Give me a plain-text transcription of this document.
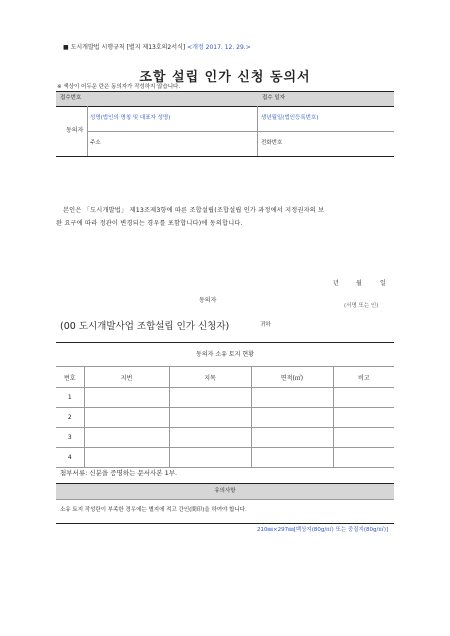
■ 도시개발법 시행규칙 [별지 제13호의2서식] <개정 2017. 12. 29.>
조합 설립 인가 신청 동의서
※ 색상이 어두운 란은 동의자가 작성하지 않습니다.
접수번호	접수 일자
동의자
성명(법인의 명칭 및 대표자 성명)	생년월일(법인등록번호)
주소	전화번호
본인은 「도시개발법」 제13조제3항에 따른 조합설립(조합설립 인가 과정에서 지정권자의 보
완 요구에 따라 정관이 변경되는 경우를 포함합니다)에 동의합니다.
년	월	일
동의자
(서명 또는 인)
(00 도시개발사업 조합설립 인가 신청자)	귀하
동의자 소유 토지 현황
번호	지번	지목	면적(㎡)	비고
1				
2				
3				
4				
첨부서류: 신분을 증명하는 문서사본 1부.
유의사항
소유 토지 작성란이 부족한 경우에는 별지에 적고 간인(間印)을 하여야 합니다.
210㎜×297㎜[백상지(80g/㎡) 또는 중질지(80g/㎡)]
